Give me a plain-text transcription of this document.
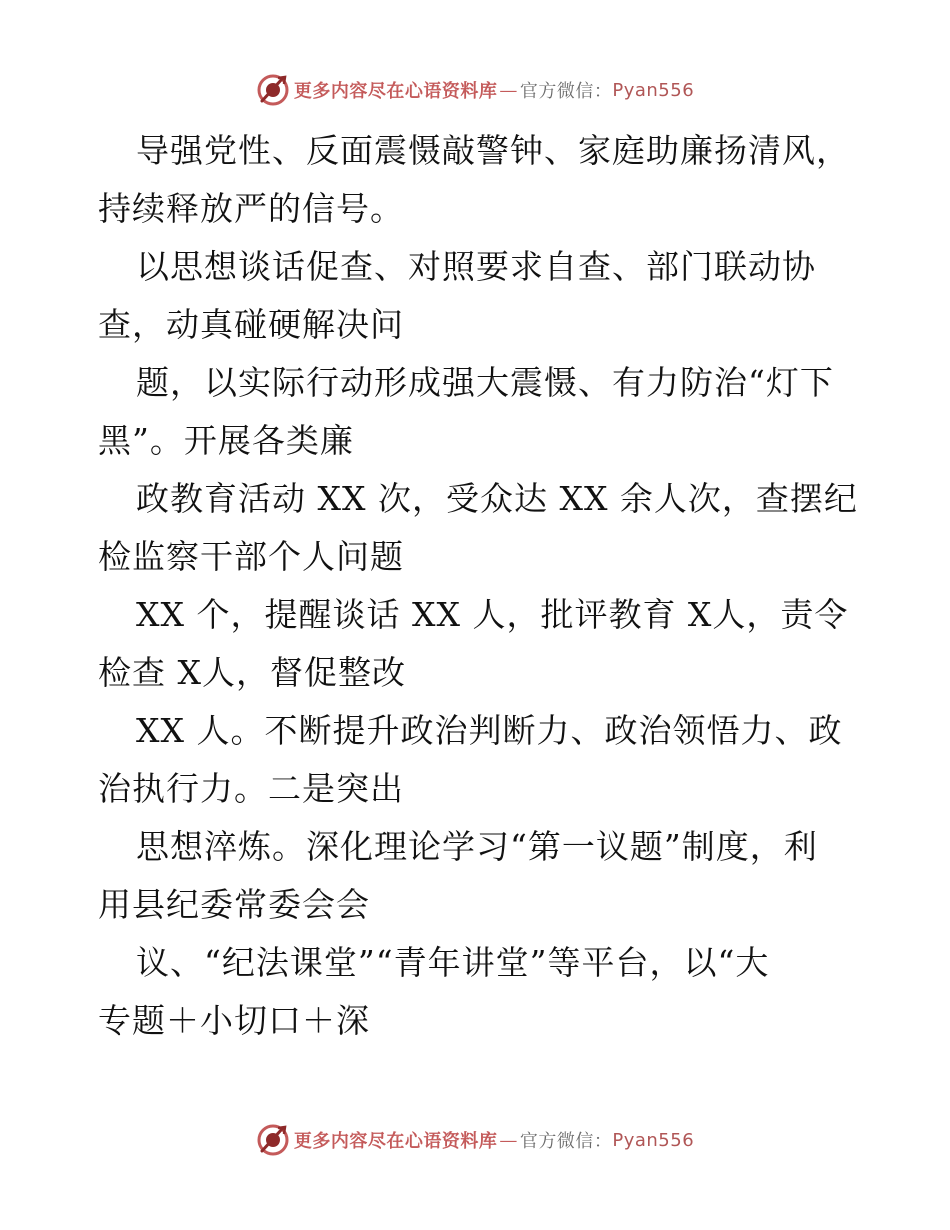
更多内容尽在心语资料库 — 官方微信： Pyan556

导强党性、反面震慑敲警钟、家庭助廉扬清风，
持续释放严的信号。

以思想谈话促查、对照要求自查、部门联动协
查，动真碰硬解决问

题，以实际行动形成强大震慑、有力防治“灯下
黑”。开展各类廉

政教育活动 XX 次，受众达 XX 余人次，查摆纪
检监察干部个人问题

XX 个，提醒谈话 XX 人，批评教育 X人，责令
检查 X人，督促整改

XX 人。不断提升政治判断力、政治领悟力、政
治执行力。二是突出

思想淬炼。深化理论学习“第一议题”制度，利
用县纪委常委会会

议、“纪法课堂”“青年讲堂”等平台，以“大
专题＋小切口＋深

更多内容尽在心语资料库 — 官方微信： Pyan556
